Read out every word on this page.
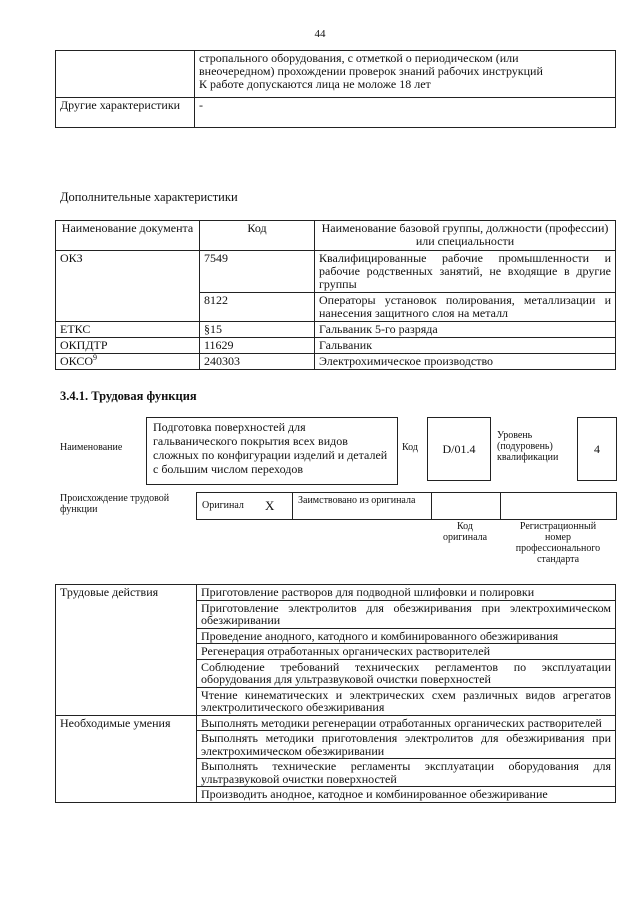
44

	стропального оборудования, с отметкой о периодическом (или
внеочередном) прохождении проверок знаний рабочих инструкций
К работе допускаются лица не моложе 18 лет

Другие характеристики	-
Дополнительные характеристики
Наименование документа	Код	Наименование базовой группы, должности (профессии) или специальности
ОКЗ	7549	Квалифицированные рабочие промышленности и рабочие родственных занятий, не входящие в другие группы
	8122	Операторы установок полирования, металлизации и нанесения защитного слоя на металл
ЕТКС	§15	Гальваник 5-го разряда
ОКПДТР	11629	Гальваник
ОКСО$^9$	240303	Электрохимическое производство
3.4.1. Трудовая функция
Наименование
Подготовка поверхностей для гальванического покрытия всех видов сложных по конфигурации изделий и деталей с большим числом переходов
Код	D/01.4
Уровень (подуровень) квалификации
4
Происхождение трудовой функции	Оригинал X Заимствовано из оригинала
Код оригинала
Регистрационный номер профессионального стандарта
Трудовые действия	Приготовление растворов для подводной шлифовки и полировки
	Приготовление электролитов для обезжиривания при электрохимическом обезжиривании
	Проведение анодного, катодного и комбинированного обезжиривания
	Регенерация отработанных органических растворителей
	Соблюдение требований технических регламентов по эксплуатации оборудования для ультразвуковой очистки поверхностей
	Чтение кинематических и электрических схем различных видов агрегатов электролитического обезжиривания
Необходимые умения	Выполнять методики регенерации отработанных органических растворителей
	Выполнять методики приготовления электролитов для обезжиривания при электрохимическом обезжиривании
	Выполнять технические регламенты эксплуатации оборудования для ультразвуковой очистки поверхностей
	Производить анодное, катодное и комбинированное обезжиривание
